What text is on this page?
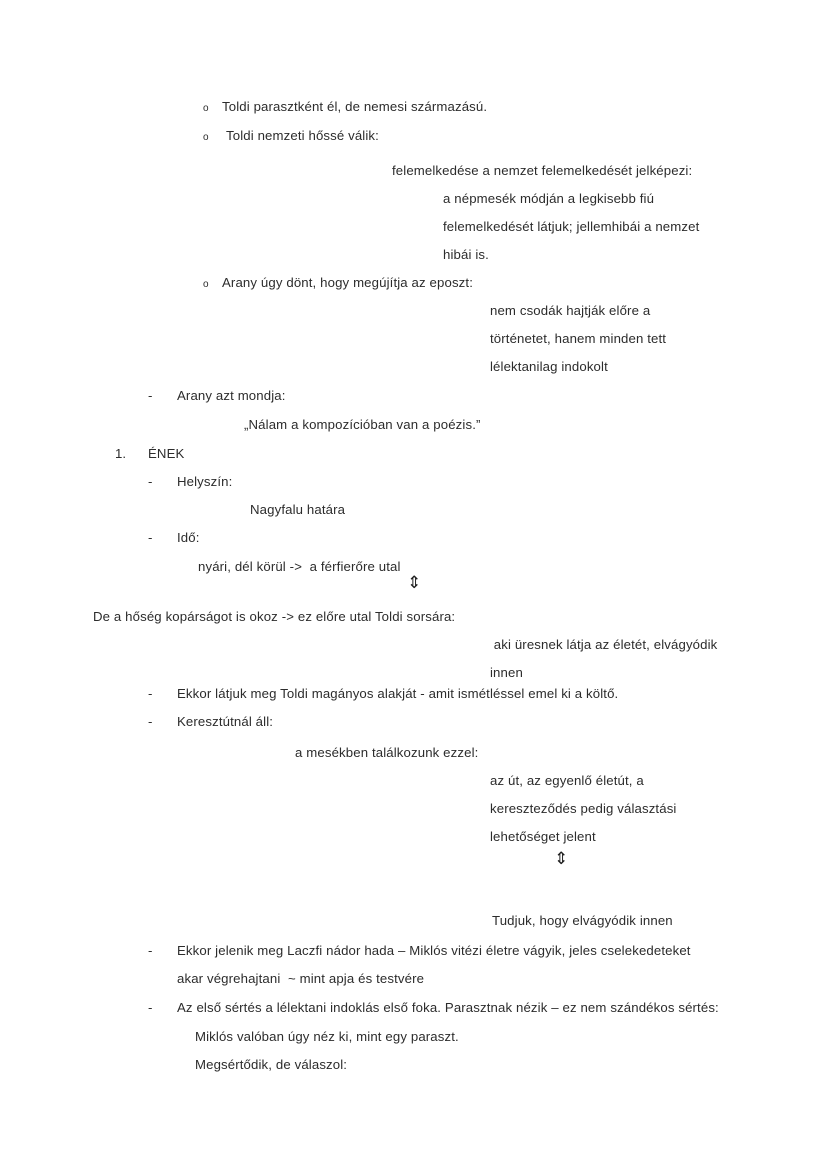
o Toldi parasztként él, de nemesi származású.
o Toldi nemzeti hőssé válik:
felemelkedése a nemzet felemelkedését jelképezi:
a népmesék módján a legkisebb fiú
felemelkedését látjuk; jellemhibái a nemzet
hibái is.
o Arany úgy dönt, hogy megújítja az eposzt:
nem csodák hajtják előre a
történetet, hanem minden tett
lélektanilag indokolt
- Arany azt mondja:
„Nálam a kompozícióban van a poézis.”
1. ÉNEK
- Helyszín:
Nagyfalu határa
- Idő:
nyári, dél körül ->  a férfierőre utal
⇕
De a hőség kopárságot is okoz -> ez előre utal Toldi sorsára:
aki üresnek látja az életét, elvágyódik
innen
- Ekkor látjuk meg Toldi magányos alakját - amit ismétléssel emel ki a költő.
- Keresztútnál áll:
a mesékben találkozunk ezzel:
az út, az egyenlő életút, a
kereszteződés pedig választási
lehetőséget jelent
⇕
Tudjuk, hogy elvágyódik innen
- Ekkor jelenik meg Laczfi nádor hada – Miklós vitézi életre vágyik, jeles cselekedeteket
akar végrehajtani  ~ mint apja és testvére
- Az első sértés a lélektani indoklás első foka. Parasztnak nézik – ez nem szándékos sértés:
Miklós valóban úgy néz ki, mint egy paraszt.
Megsértődik, de válaszol:
